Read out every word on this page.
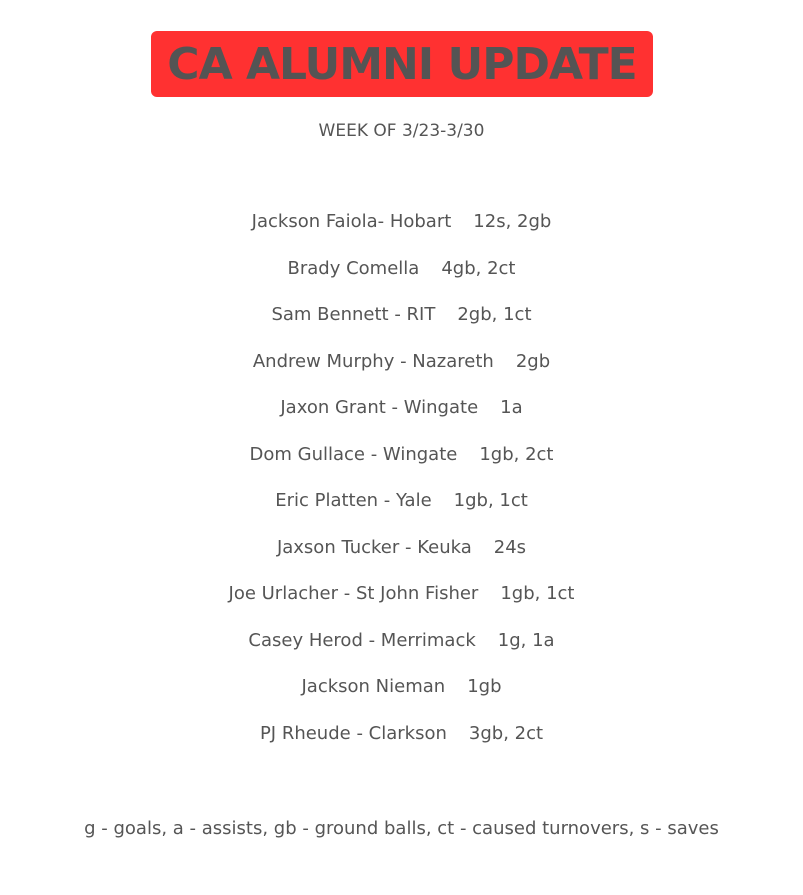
CA ALUMNI UPDATE
WEEK OF 3/23-3/30
Jackson Faiola- Hobart 12s, 2gb
Brady Comella 4gb, 2ct
Sam Bennett - RIT 2gb, 1ct
Andrew Murphy - Nazareth 2gb
Jaxon Grant - Wingate 1a
Dom Gullace - Wingate 1gb, 2ct
Eric Platten - Yale 1gb, 1ct
Jaxson Tucker - Keuka 24s
Joe Urlacher - St John Fisher 1gb, 1ct
Casey Herod - Merrimack 1g, 1a
Jackson Nieman 1gb
PJ Rheude - Clarkson 3gb, 2ct
g - goals, a - assists, gb - ground balls, ct - caused turnovers, s - saves
